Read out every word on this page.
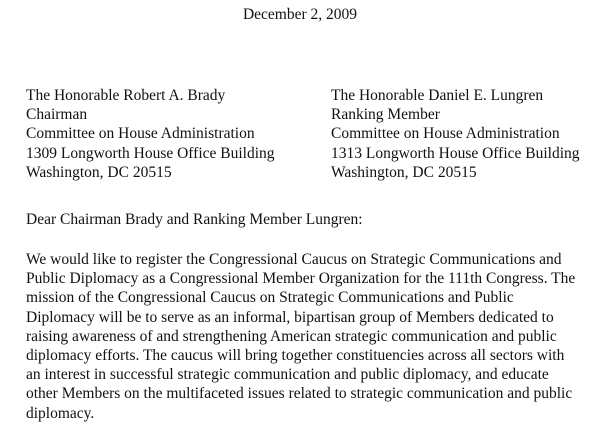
December 2, 2009
The Honorable Robert A. Brady
Chairman
Committee on House Administration
1309 Longworth House Office Building
Washington, DC 20515
The Honorable Daniel E. Lungren
Ranking Member
Committee on House Administration
1313 Longworth House Office Building
Washington, DC 20515
Dear Chairman Brady and Ranking Member Lungren:
We would like to register the Congressional Caucus on Strategic Communications and
Public Diplomacy as a Congressional Member Organization for the 111th Congress. The
mission of the Congressional Caucus on Strategic Communications and Public
Diplomacy will be to serve as an informal, bipartisan group of Members dedicated to
raising awareness of and strengthening American strategic communication and public
diplomacy efforts. The caucus will bring together constituencies across all sectors with
an interest in successful strategic communication and public diplomacy, and educate
other Members on the multifaceted issues related to strategic communication and public
diplomacy.
